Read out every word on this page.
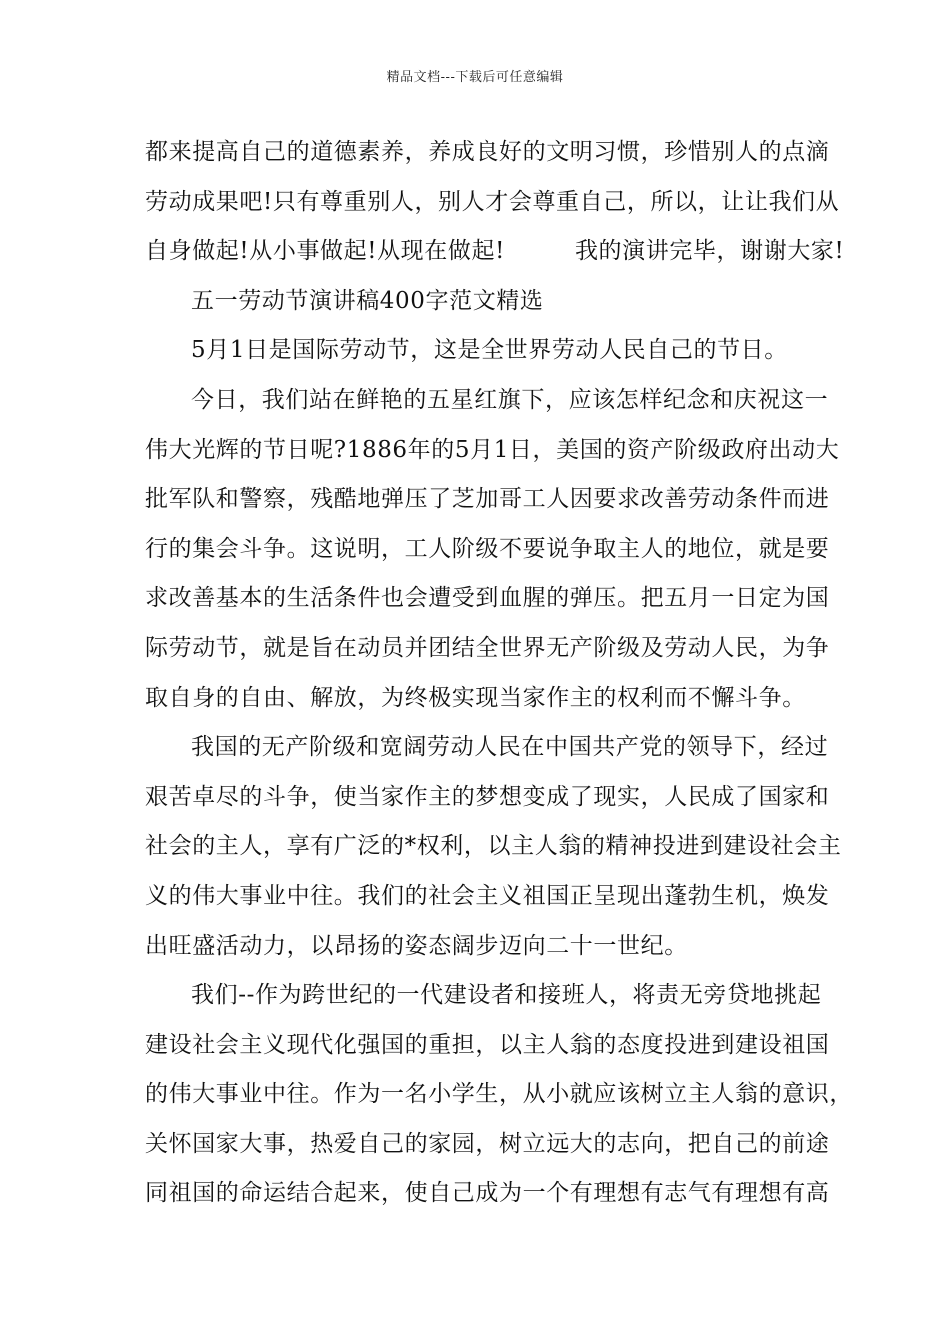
精品文档---下载后可任意编辑
都来提高自己的道德素养，养成良好的文明习惯，珍惜别人的点滴
劳动成果吧!只有尊重别人，别人才会尊重自己，所以，让让我们从
自身做起!从小事做起!从现在做起!	我的演讲完毕，谢谢大家!
五一劳动节演讲稿400字范文精选
5月1日是国际劳动节，这是全世界劳动人民自己的节日。
今日，我们站在鲜艳的五星红旗下，应该怎样纪念和庆祝这一
伟大光辉的节日呢?1886年的5月1日，美国的资产阶级政府出动大
批军队和警察，残酷地弹压了芝加哥工人因要求改善劳动条件而进
行的集会斗争。这说明，工人阶级不要说争取主人的地位，就是要
求改善基本的生活条件也会遭受到血腥的弹压。把五月一日定为国
际劳动节，就是旨在动员并团结全世界无产阶级及劳动人民，为争
取自身的自由、解放，为终极实现当家作主的权利而不懈斗争。
我国的无产阶级和宽阔劳动人民在中国共产党的领导下，经过
艰苦卓尽的斗争，使当家作主的梦想变成了现实，人民成了国家和
社会的主人，享有广泛的*权利，以主人翁的精神投进到建设社会主
义的伟大事业中往。我们的社会主义祖国正呈现出蓬勃生机，焕发
出旺盛活动力，以昂扬的姿态阔步迈向二十一世纪。
我们--作为跨世纪的一代建设者和接班人，将责无旁贷地挑起
建设社会主义现代化强国的重担，以主人翁的态度投进到建设祖国
的伟大事业中往。作为一名小学生，从小就应该树立主人翁的意识，
关怀国家大事，热爱自己的家园，树立远大的志向，把自己的前途
同祖国的命运结合起来，使自己成为一个有理想有志气有理想有高
